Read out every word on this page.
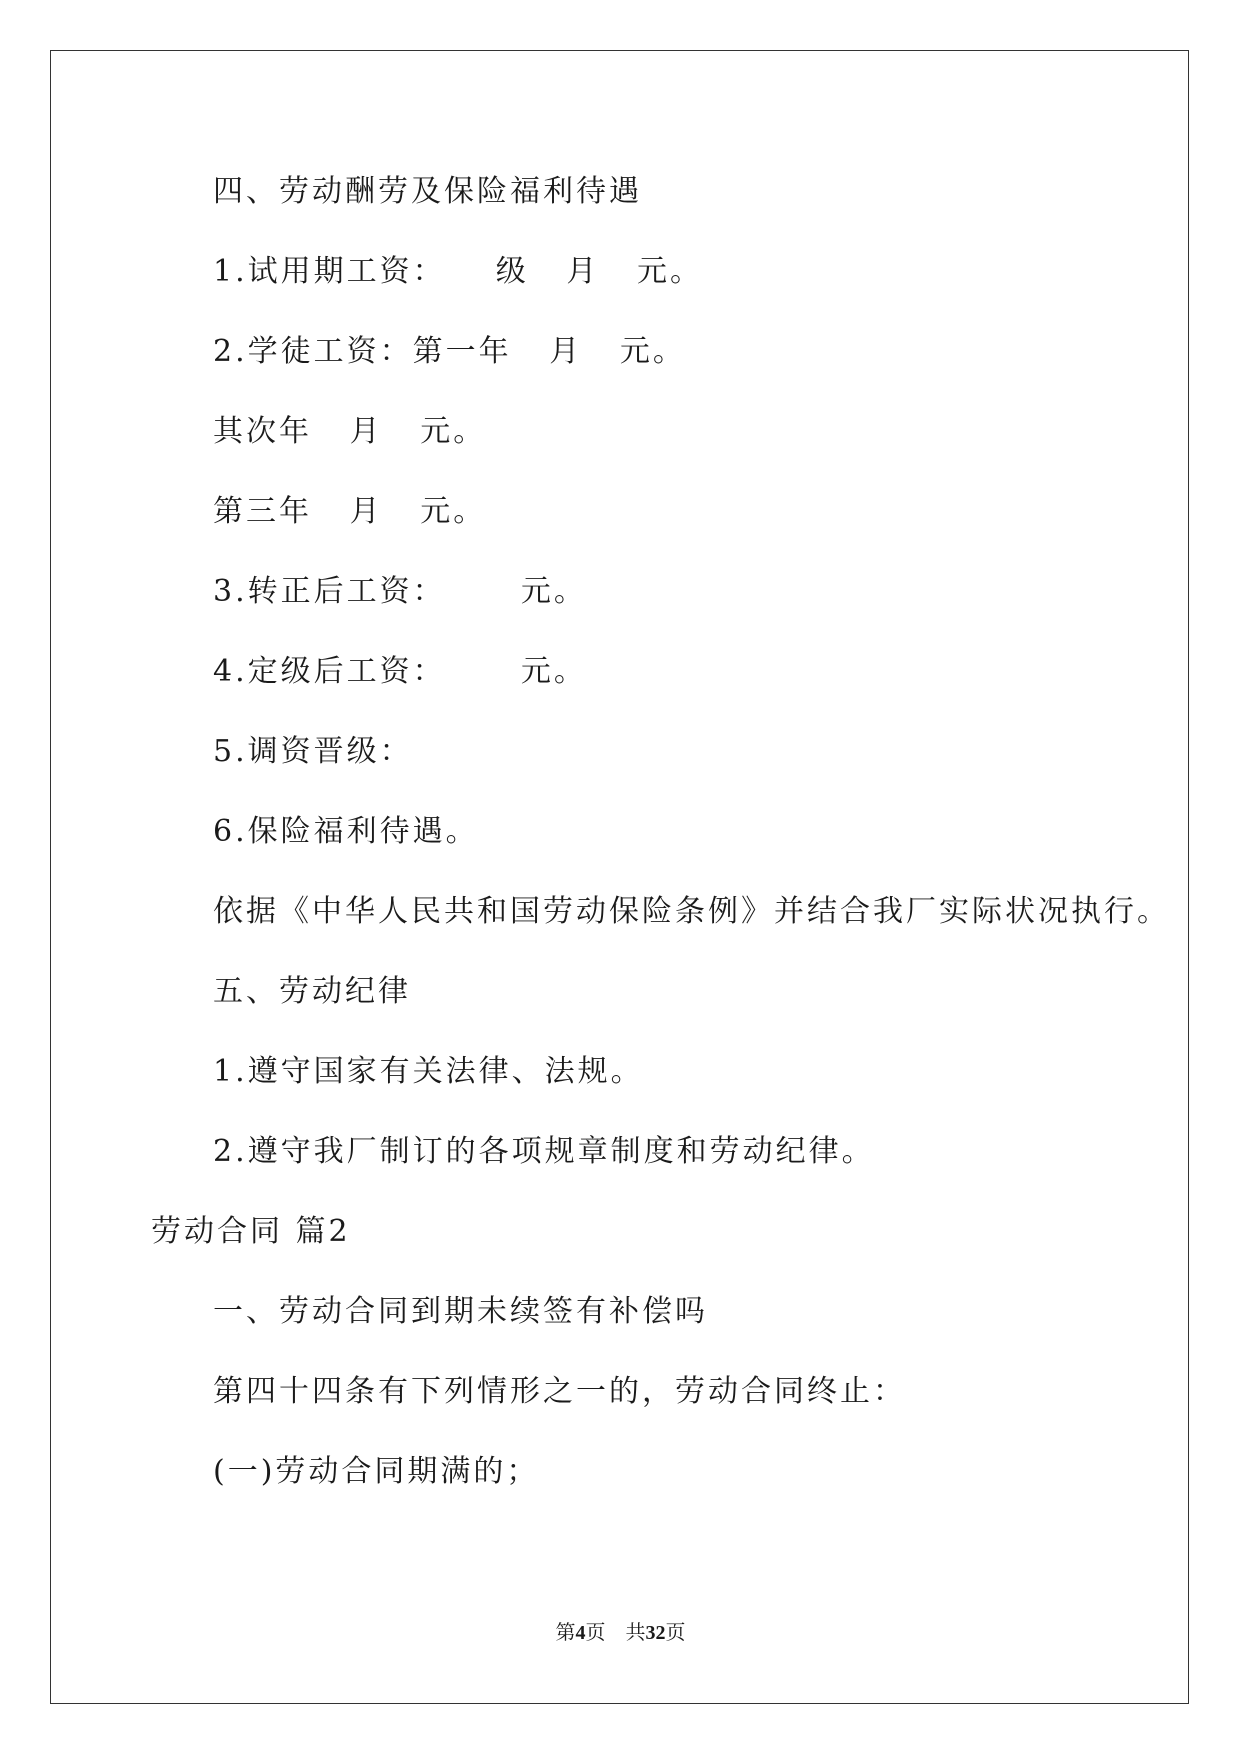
四、劳动酬劳及保险福利待遇
1.试用期工资：    级   月   元。
2.学徒工资：第一年   月   元。
其次年   月   元。
第三年   月   元。
3.转正后工资：      元。
4.定级后工资：      元。
5.调资晋级：
6.保险福利待遇。
依据《中华人民共和国劳动保险条例》并结合我厂实际状况执行。
五、劳动纪律
1.遵守国家有关法律、法规。
2.遵守我厂制订的各项规章制度和劳动纪律。
劳动合同 篇2
一、劳动合同到期未续签有补偿吗
第四十四条有下列情形之一的，劳动合同终止：
(一)劳动合同期满的；
第4页 共32页
